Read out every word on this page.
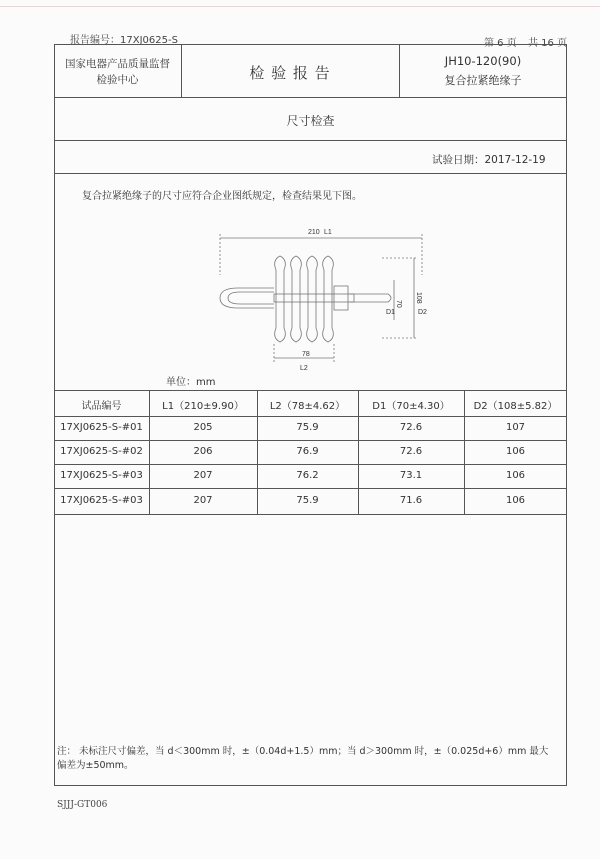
报告编号：17XJ0625-S	第 6 页 共 16 页
国家电器产品质量监督
检验中心	检 验 报 告
JH10-120(90)
复合拉紧绝缘子
尺寸检查
试验日期：2017-12-19
复合拉紧绝缘子的尺寸应符合企业图纸规定，检查结果见下图。
210 L1
78
L2
70
D1
108
D2
单位：mm
试品编号	L1（210±9.90）	L2（78±4.62）	D1（70±4.30）	D2（108±5.82）
17XJ0625-S-#01	205	75.9	72.6	107
17XJ0625-S-#02	206	76.9	72.6	106
17XJ0625-S-#03	207	76.2	73.1	106
17XJ0625-S-#03	207	75.9	71.6	106
注： 未标注尺寸偏差，当 d＜300mm 时，±（0.04d+1.5）mm；当 d＞300mm 时，±（0.025d+6）mm 最大
偏差为±50mm。
SJJJ-GT006
